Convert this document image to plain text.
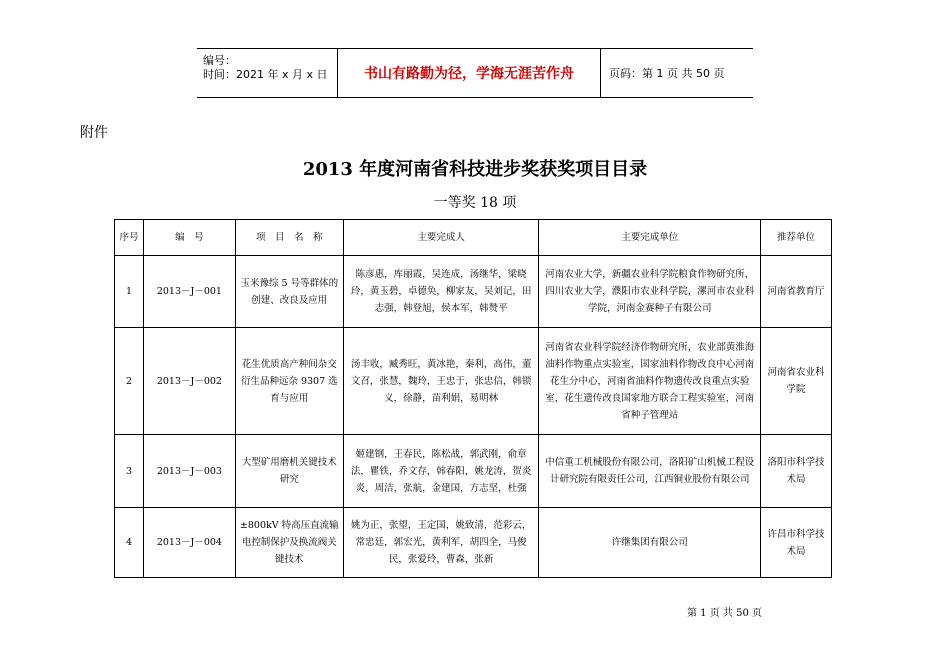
编号：
时间：2021 年 x 月 x 日	书山有路勤为径，学海无涯苦作舟	页码：第 1 页 共 50 页
附件
2013 年度河南省科技进步奖获奖项目目录
一等奖 18 项
序号	编　号	项　目　名　称	主要完成人	主要完成单位	推荐单位
1	2013－J－001	玉米豫综 5 号等群体的创建、改良及应用	陈彦惠，库丽霞，吴连成，汤继华，梁晓玲，黄玉碧，卓德奂，柳家友，吴刘记，田志强，韩登旭，侯本军，韩赞平	河南农业大学，新疆农业科学院粮食作物研究所，四川农业大学，濮阳市农业科学院，漯河市农业科学院，河南金赛种子有限公司	河南省教育厅
2	2013－J－002	花生优质高产种间杂交衍生品种远杂 9307 选育与应用	汤丰收，臧秀旺，黄冰艳，秦利，高伟，董文召，张慧，魏玲，王忠于，张忠信，韩锁义，徐静，苗利娟，易明林	河南省农业科学院经济作物研究所，农业部黄淮海油料作物重点实验室，国家油料作物改良中心河南花生分中心，河南省油料作物遗传改良重点实验室，花生遗传改良国家地方联合工程实验室，河南省种子管理站	河南省农业科学院
3	2013－J－003	大型矿用磨机关键技术研究	姬建钢，王春民，陈松战，郭武刚，俞章法，瞿铁，乔文存，韩春阳，姚龙涛，贺炎炎，周洁，张航，金建国，方志坚，杜强	中信重工机械股份有限公司，洛阳矿山机械工程设计研究院有限责任公司，江西铜业股份有限公司	洛阳市科学技术局
4	2013－J－004	±800kV 特高压直流输电控制保护及换流阀关键技术	姚为正，张望，王定国，姚致清，范彩云，常忠廷，郭宏光，黄利军，胡四全，马俊民，张爱玲，曹森，张新	许继集团有限公司	许昌市科学技术局
第 1 页 共 50 页
